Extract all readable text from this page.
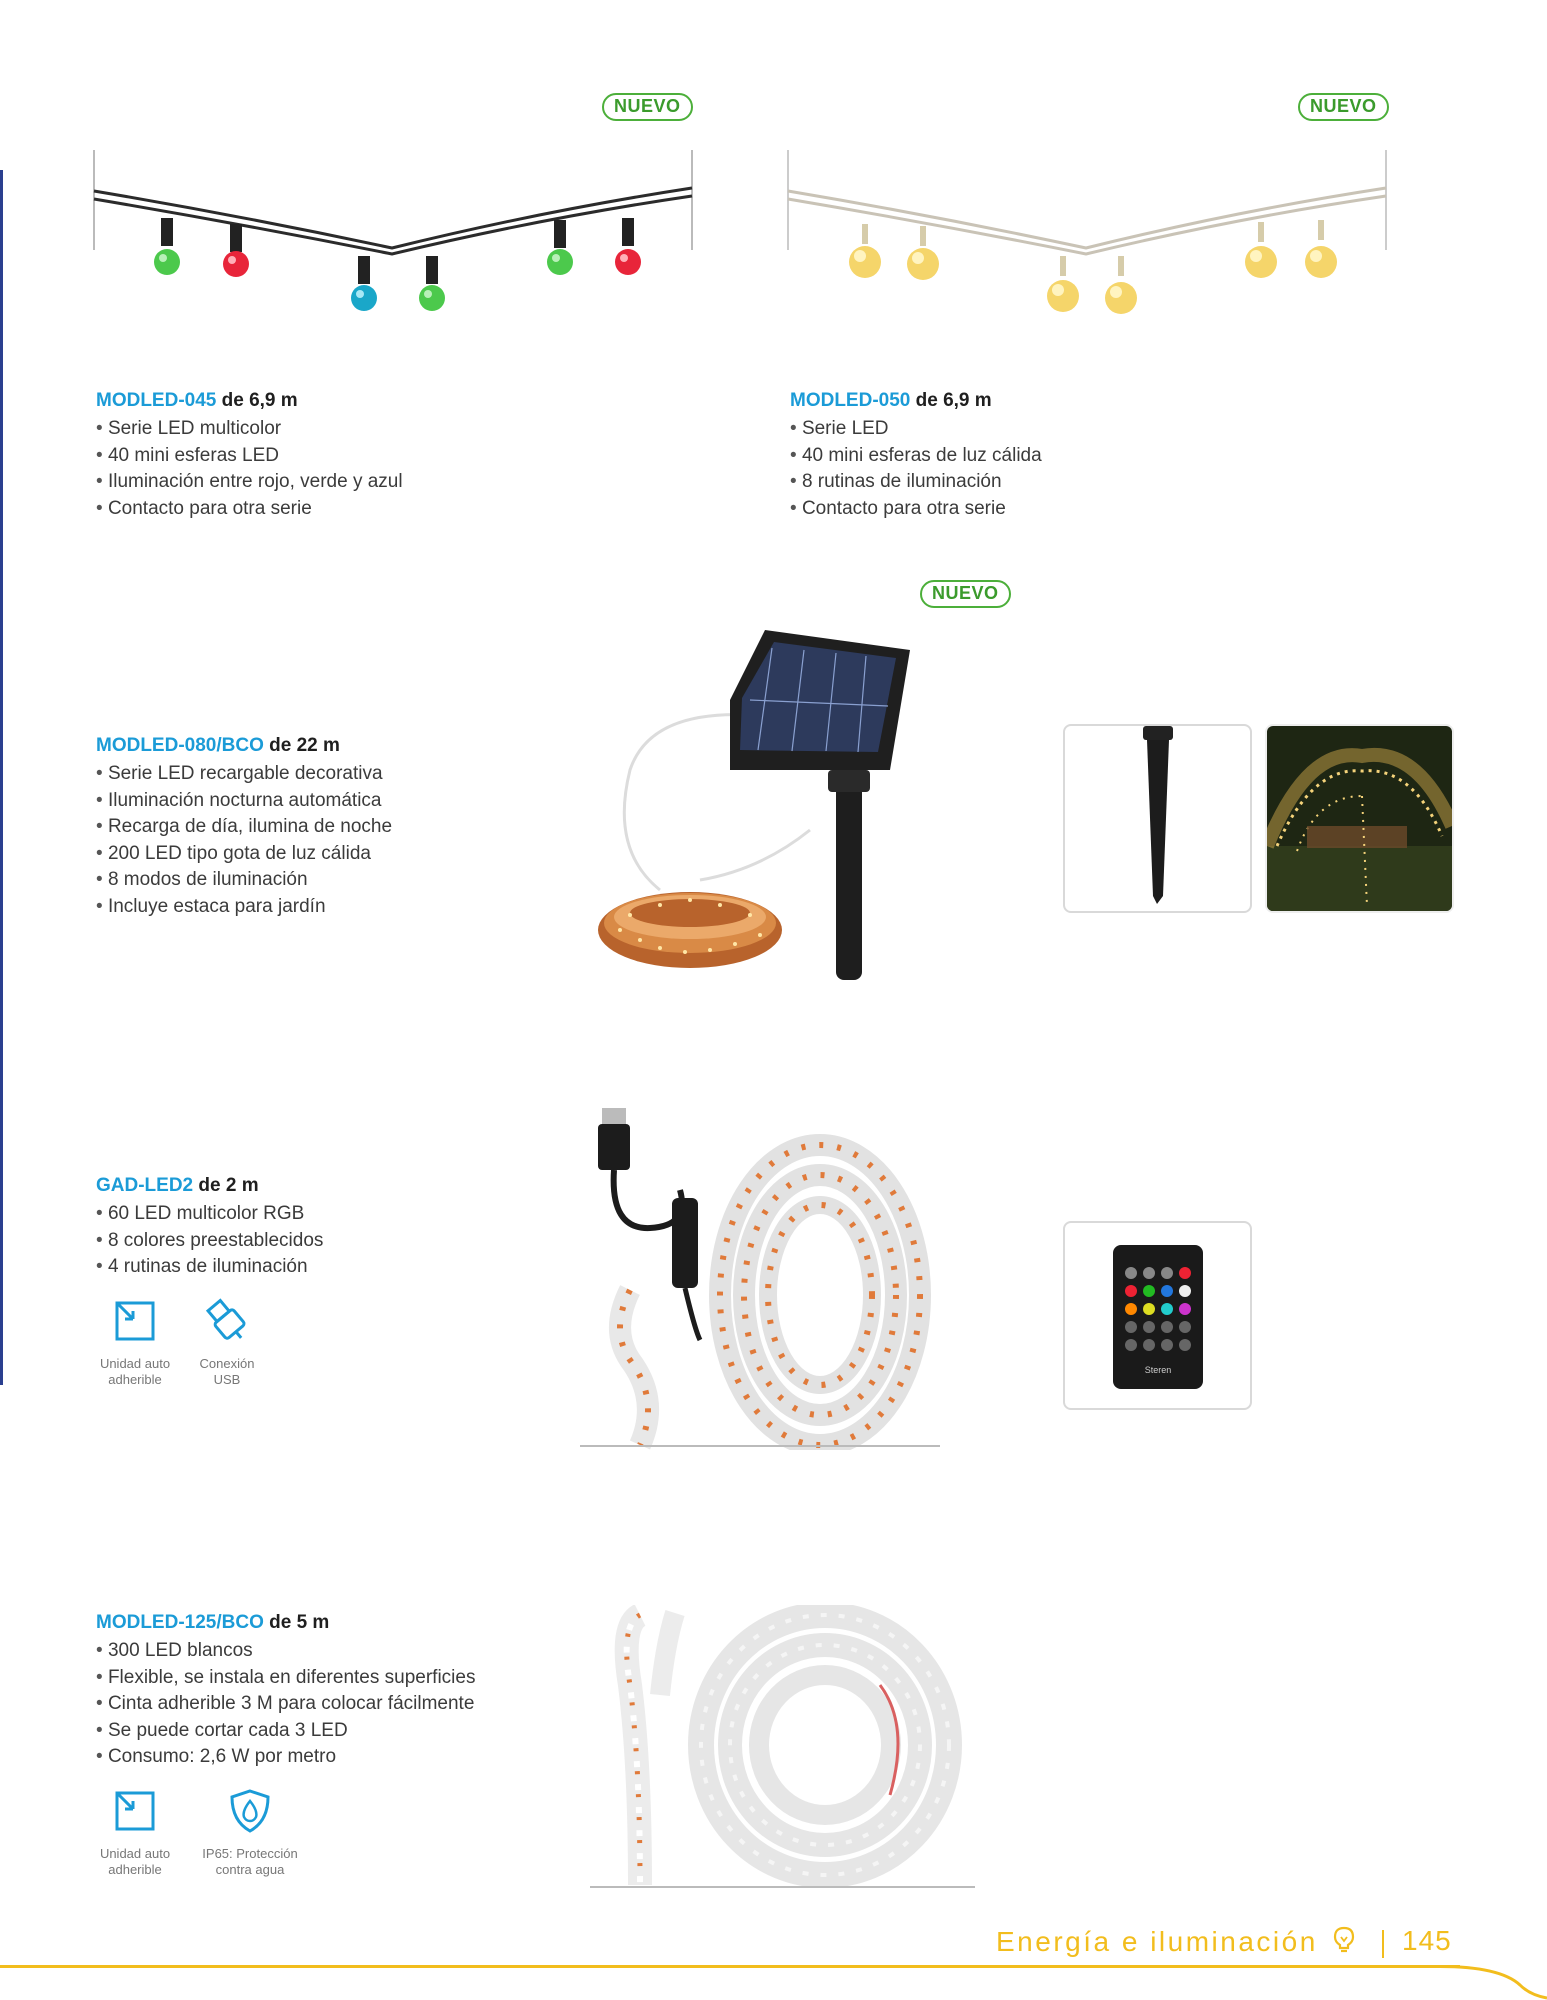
NUEVO
MODLED-045 de 6,9 m
• Serie LED multicolor
• 40 mini esferas LED
• Iluminación entre rojo, verde y azul
• Contacto para otra serie
NUEVO
MODLED-050 de 6,9 m
• Serie LED
• 40 mini esferas de luz cálida
• 8 rutinas de iluminación
• Contacto para otra serie
NUEVO
MODLED-080/BCO de 22 m
• Serie LED recargable decorativa
• Iluminación nocturna automática
• Recarga de día, ilumina de noche
• 200 LED tipo gota de luz cálida
• 8 modos de iluminación
• Incluye estaca para jardín
GAD-LED2 de 2 m
• 60 LED multicolor RGB
• 8 colores preestablecidos
• 4 rutinas de iluminación
Unidad auto
adherible
Conexión
USB
Steren
MODLED-125/BCO de 5 m
• 300 LED blancos
• Flexible, se instala en diferentes superficies
• Cinta adherible 3 M para colocar fácilmente
• Se puede cortar cada 3 LED
• Consumo: 2,6 W por metro
Unidad auto
adherible
IP65: Protección
contra agua
Energía e iluminación	145
